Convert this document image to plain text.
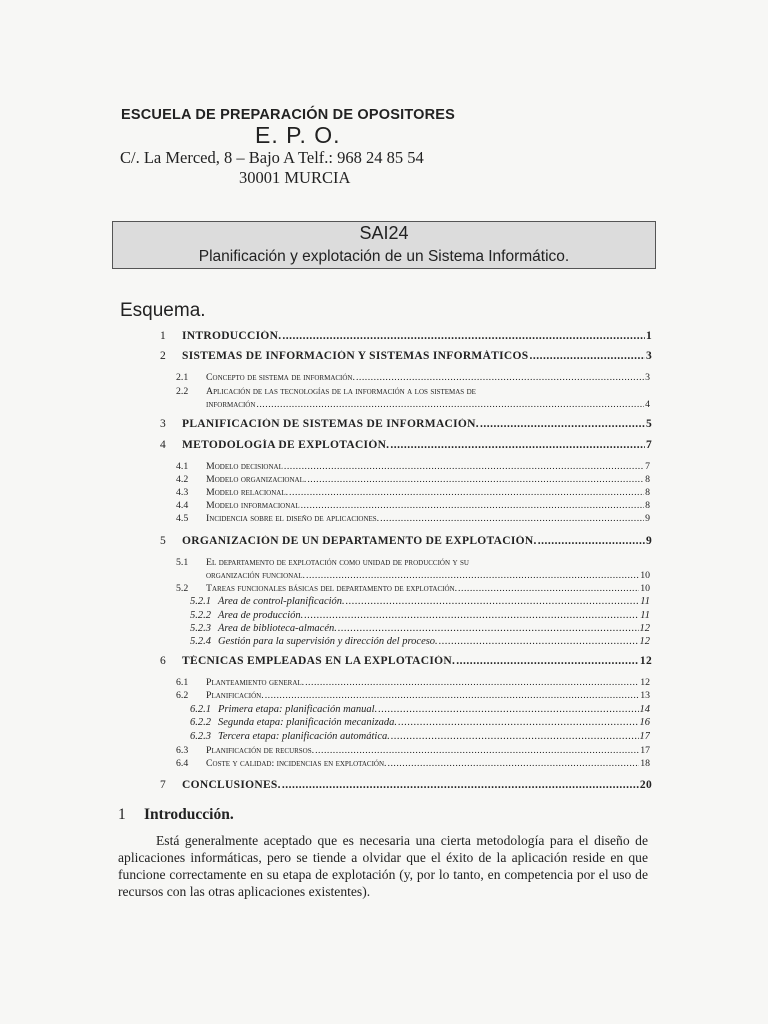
ESCUELA DE PREPARACIÓN DE OPOSITORES
E. P. O.
C/. La Merced, 8 – Bajo A Telf.: 968 24 85 54
30001 MURCIA
SAI24
Planificación y explotación de un Sistema Informático.
Esquema.
1	INTRODUCCIÓN. .....	1
2	SISTEMAS DE INFORMACIÓN Y SISTEMAS INFORMÁTICOS .....	3
2.1	Concepto de sistema de información. .....	3
2.2	Aplicación de las tecnologías de la información a los sistemas de
información .....	4
3	PLANIFICACIÓN DE SISTEMAS DE INFORMACIÓN. .....	5
4	METODOLOGÍA DE EXPLOTACIÓN. .....	7
4.1	Modelo decisional .....	7
4.2	Modelo organizacional. .....	8
4.3	Modelo relacional. .....	8
4.4	Modelo informacional .....	8
4.5	Incidencia sobre el diseño de aplicaciones. .....	9
5	ORGANIZACIÓN DE UN DEPARTAMENTO DE EXPLOTACIÓN. .....	9
5.1	El departamento de explotación como unidad de producción y su
organización funcional. .....	10
5.2	Tareas funcionales básicas del departamento de explotación. .....	10
5.2.1 Área de control-planificación. .....	11
5.2.2 Área de producción. .....	11
5.2.3 Área de biblioteca-almacén. .....	12
5.2.4 Gestión para la supervisión y dirección del proceso. .....	12
6	TÉCNICAS EMPLEADAS EN LA EXPLOTACIÓN. .....	12
6.1	Planteamiento general. .....	12
6.2	Planificación. .....	13
6.2.1 Primera etapa: planificación manual. .....	14
6.2.2 Segunda etapa: planificación mecanizada. .....	16
6.2.3 Tercera etapa: planificación automática. .....	17
6.3	Planificación de recursos. .....	17
6.4	Coste y calidad: incidencias en explotación. .....	18
7	CONCLUSIONES. .....	20
1 Introducción.
Está generalmente aceptado que es necesaria una cierta metodología para el diseño de aplicaciones informáticas, pero se tiende a olvidar que el éxito de la aplicación reside en que funcione correctamente en su etapa de explotación (y, por lo tanto, en competencia por el uso de recursos con las otras aplicaciones existentes).
